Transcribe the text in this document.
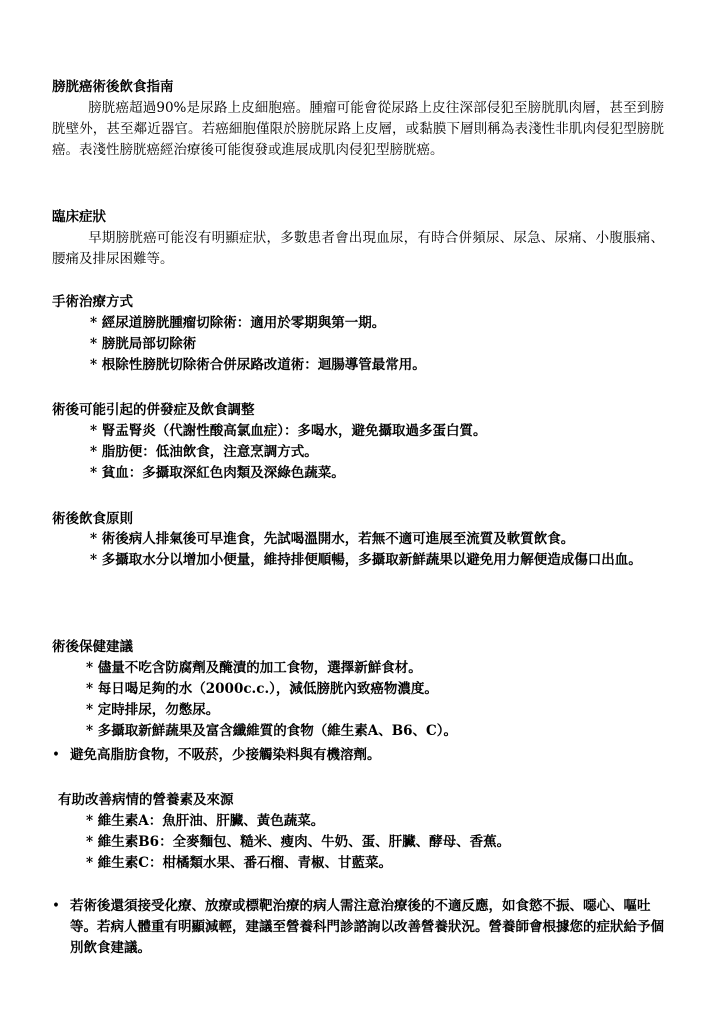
膀胱癌術後飲食指南
膀胱癌超過90%是尿路上皮細胞癌。腫瘤可能會從尿路上皮往深部侵犯至膀胱肌肉層，甚至到膀胱壁外，甚至鄰近器官。若癌細胞僅限於膀胱尿路上皮層，或黏膜下層則稱為表淺性非肌肉侵犯型膀胱癌。表淺性膀胱癌經治療後可能復發或進展成肌肉侵犯型膀胱癌。
臨床症狀
早期膀胱癌可能沒有明顯症狀，多數患者會出現血尿，有時合併頻尿、尿急、尿痛、小腹脹痛、腰痛及排尿困難等。
手術治療方式
* 經尿道膀胱腫瘤切除術：適用於零期與第一期。
* 膀胱局部切除術
* 根除性膀胱切除術合併尿路改道術：迴腸導管最常用。
術後可能引起的併發症及飲食調整
* 腎盂腎炎（代謝性酸高氯血症）：多喝水，避免攝取過多蛋白質。
* 脂肪便：低油飲食，注意烹調方式。
* 貧血：多攝取深紅色肉類及深綠色蔬菜。
術後飲食原則
* 術後病人排氣後可早進食，先試喝溫開水，若無不適可進展至流質及軟質飲食。
* 多攝取水分以增加小便量，維持排便順暢，多攝取新鮮蔬果以避免用力解便造成傷口出血。
術後保健建議
* 儘量不吃含防腐劑及醃漬的加工食物，選擇新鮮食材。
* 每日喝足夠的水（2000c.c.），減低膀胱內致癌物濃度。
* 定時排尿，勿憋尿。
* 多攝取新鮮蔬果及富含纖維質的食物（維生素A、B6、C）。
• 避免高脂肪食物，不吸菸，少接觸染料與有機溶劑。
有助改善病情的營養素及來源
* 維生素A：魚肝油、肝臟、黃色蔬菜。
* 維生素B6：全麥麵包、糙米、瘦肉、牛奶、蛋、肝臟、酵母、香蕉。
* 維生素C：柑橘類水果、番石榴、青椒、甘藍菜。
• 若術後還須接受化療、放療或標靶治療的病人需注意治療後的不適反應，如食慾不振、噁心、嘔吐等。若病人體重有明顯減輕，建議至營養科門診諮詢以改善營養狀況。營養師會根據您的症狀給予個別飲食建議。
